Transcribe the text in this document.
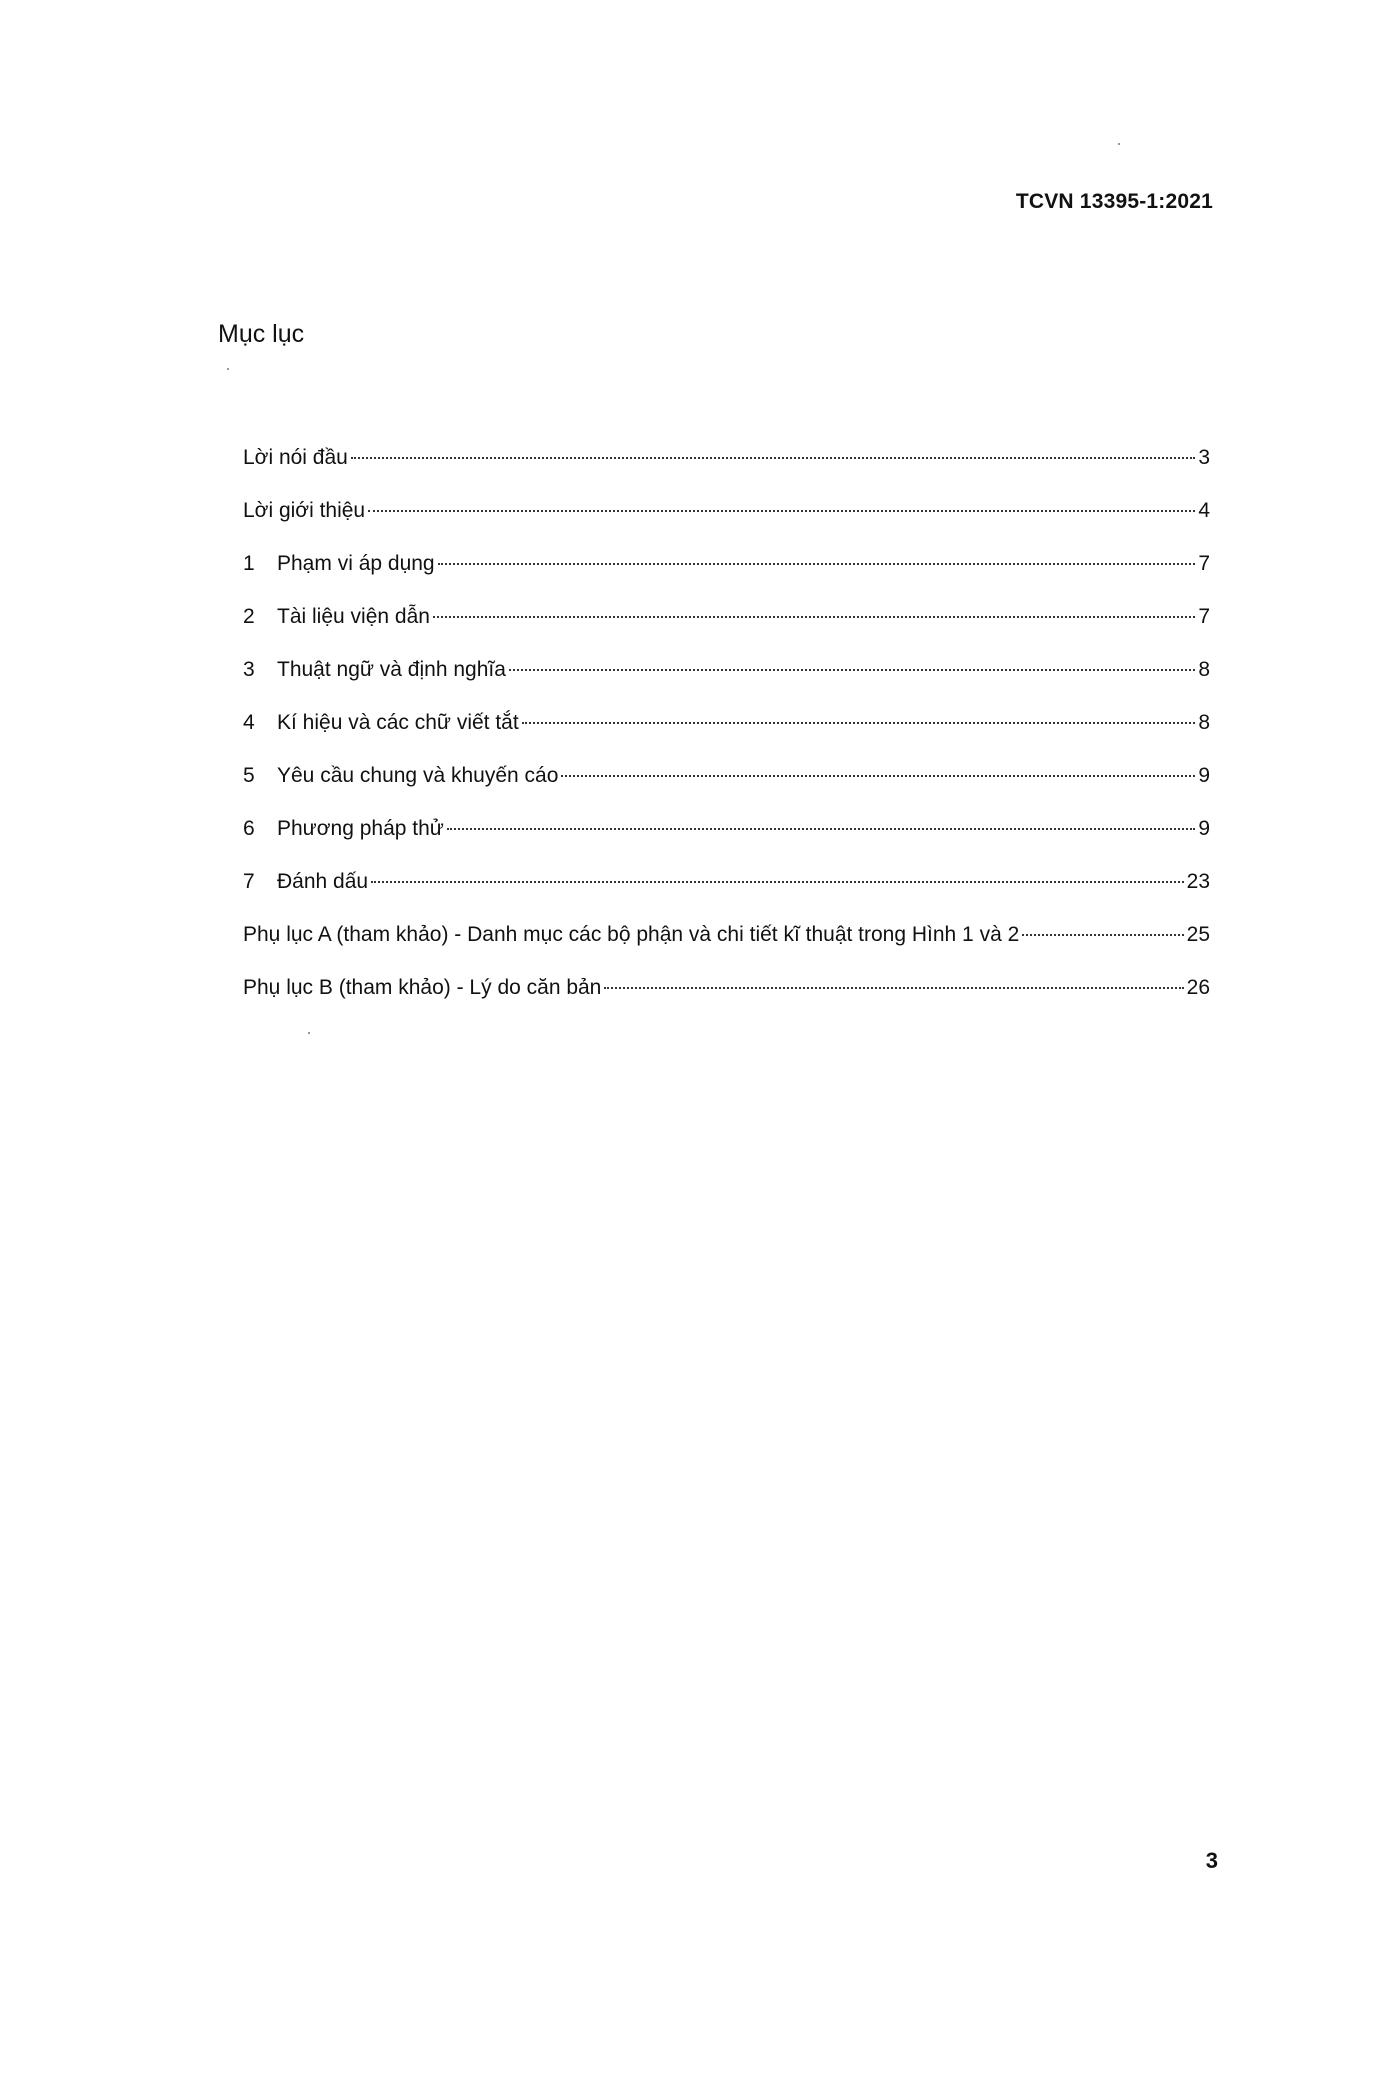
TCVN 13395-1:2021
Mục lục
Lời nói đầu	3
Lời giới thiệu	4
1	Phạm vi áp dụng	7
2	Tài liệu viện dẫn	7
3	Thuật ngữ và định nghĩa	8
4	Kí hiệu và các chữ viết tắt	8
5	Yêu cầu chung và khuyến cáo	9
6	Phương pháp thử	9
7	Đánh dấu	23
Phụ lục A (tham khảo) - Danh mục các bộ phận và chi tiết kĩ thuật trong Hình 1 và 2	25
Phụ lục B (tham khảo) - Lý do căn bản	26
3
